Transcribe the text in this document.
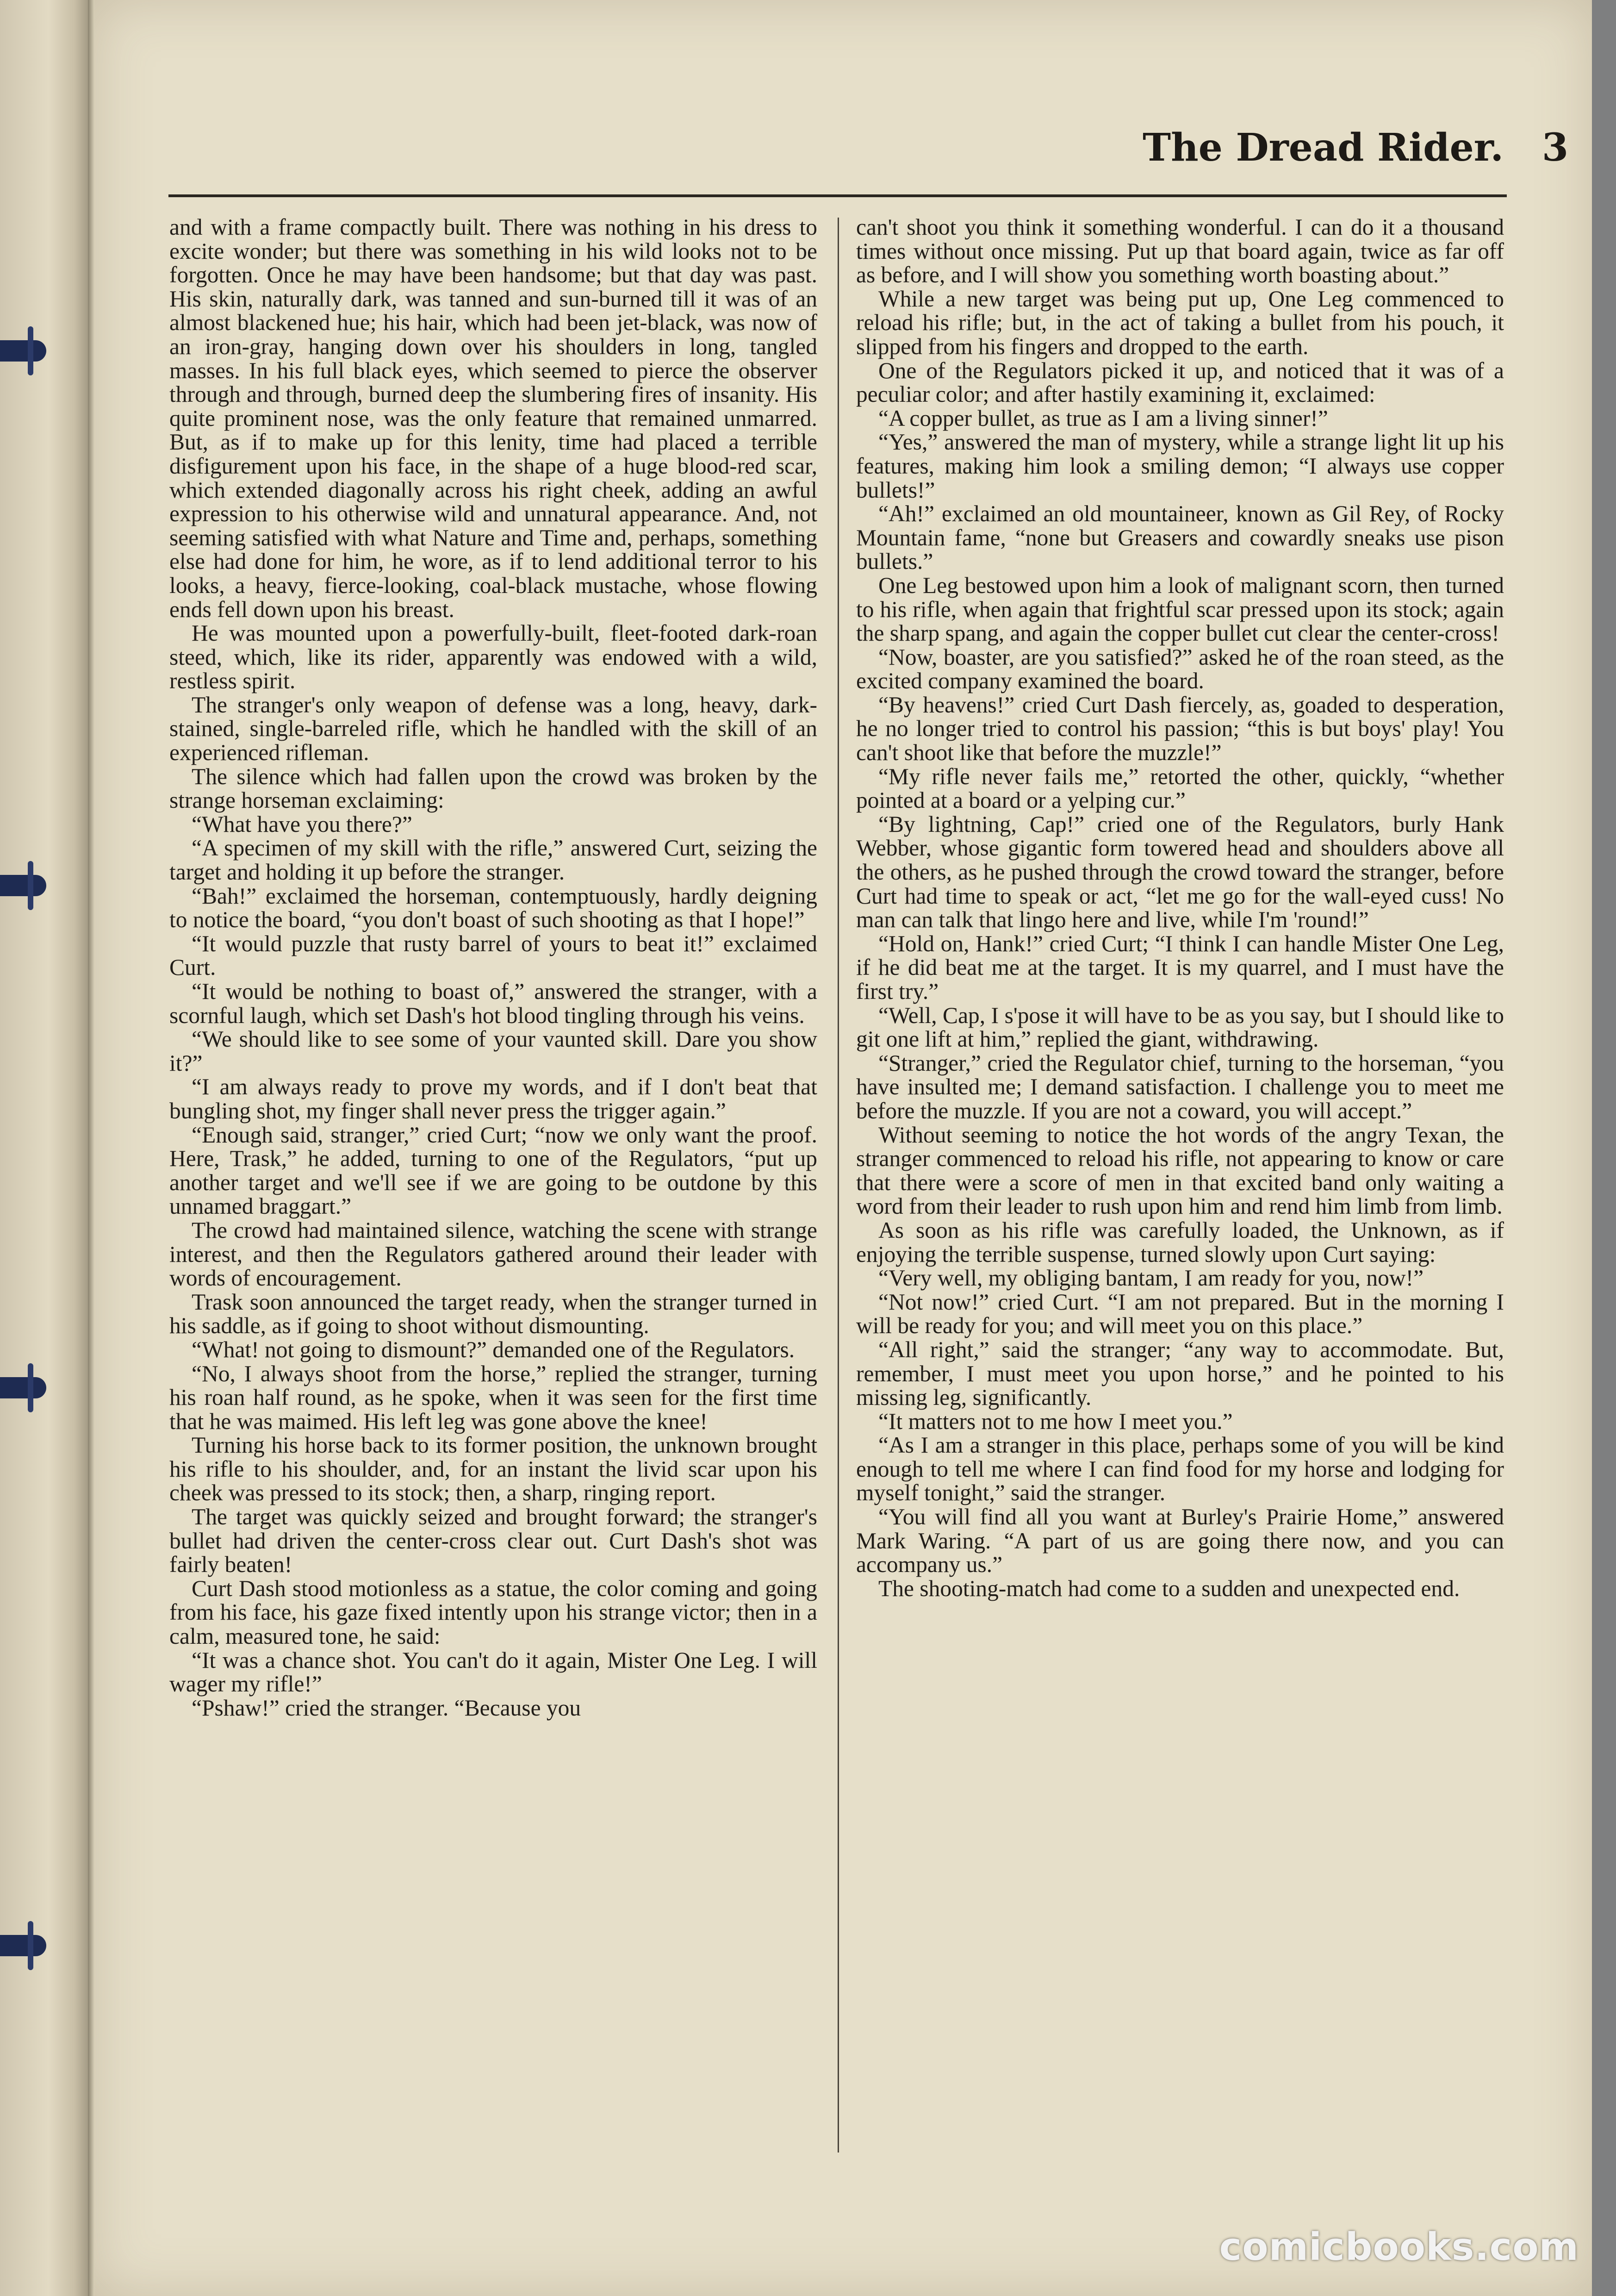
The Dread Rider. 3

and with a frame compactly built. There was nothing in his dress to excite wonder; but there was something in his wild looks not to be forgotten. Once he may have been handsome; but that day was past. His skin, naturally dark, was tanned and sun-burned till it was of an almost blackened hue; his hair, which had been jet-black, was now of an iron-gray, hanging down over his shoulders in long, tangled masses. In his full black eyes, which seemed to pierce the observer through and through, burned deep the slumbering fires of insanity. His quite prominent nose, was the only feature that remained unmarred. But, as if to make up for this lenity, time had placed a terrible disfigurement upon his face, in the shape of a huge blood-red scar, which extended diagonally across his right cheek, adding an awful expression to his otherwise wild and unnatural appearance. And, not seeming satisfied with what Nature and Time and, perhaps, something else had done for him, he wore, as if to lend additional terror to his looks, a heavy, fierce-looking, coal-black mustache, whose flowing ends fell down upon his breast.

He was mounted upon a powerfully-built, fleet-footed dark-roan steed, which, like its rider, apparently was endowed with a wild, restless spirit.

The stranger's only weapon of defense was a long, heavy, dark-stained, single-barreled rifle, which he handled with the skill of an experienced rifleman.

The silence which had fallen upon the crowd was broken by the strange horseman exclaiming:

“What have you there?”

“A specimen of my skill with the rifle,” answered Curt, seizing the target and holding it up before the stranger.

“Bah!” exclaimed the horseman, contemptuously, hardly deigning to notice the board, “you don't boast of such shooting as that I hope!”

“It would puzzle that rusty barrel of yours to beat it!” exclaimed Curt.

“It would be nothing to boast of,” answered the stranger, with a scornful laugh, which set Dash's hot blood tingling through his veins.

“We should like to see some of your vaunted skill. Dare you show it?”

“I am always ready to prove my words, and if I don't beat that bungling shot, my finger shall never press the trigger again.”

“Enough said, stranger,” cried Curt; “now we only want the proof. Here, Trask,” he added, turning to one of the Regulators, “put up another target and we'll see if we are going to be outdone by this unnamed braggart.”

The crowd had maintained silence, watching the scene with strange interest, and then the Regulators gathered around their leader with words of encouragement.

Trask soon announced the target ready, when the stranger turned in his saddle, as if going to shoot without dismounting.

“What! not going to dismount?” demanded one of the Regulators.

“No, I always shoot from the horse,” replied the stranger, turning his roan half round, as he spoke, when it was seen for the first time that he was maimed. His left leg was gone above the knee!

Turning his horse back to its former position, the unknown brought his rifle to his shoulder, and, for an instant the livid scar upon his cheek was pressed to its stock; then, a sharp, ringing report.

The target was quickly seized and brought forward; the stranger's bullet had driven the center-cross clear out. Curt Dash's shot was fairly beaten!

Curt Dash stood motionless as a statue, the color coming and going from his face, his gaze fixed intently upon his strange victor; then in a calm, measured tone, he said:

“It was a chance shot. You can't do it again, Mister One Leg. I will wager my rifle!”

“Pshaw!” cried the stranger. “Because you

can't shoot you think it something wonderful. I can do it a thousand times without once missing. Put up that board again, twice as far off as before, and I will show you something worth boasting about.”

While a new target was being put up, One Leg commenced to reload his rifle; but, in the act of taking a bullet from his pouch, it slipped from his fingers and dropped to the earth.

One of the Regulators picked it up, and noticed that it was of a peculiar color; and after hastily examining it, exclaimed:

“A copper bullet, as true as I am a living sinner!”

“Yes,” answered the man of mystery, while a strange light lit up his features, making him look a smiling demon; “I always use copper bullets!”

“Ah!” exclaimed an old mountaineer, known as Gil Rey, of Rocky Mountain fame, “none but Greasers and cowardly sneaks use pison bullets.”

One Leg bestowed upon him a look of malignant scorn, then turned to his rifle, when again that frightful scar pressed upon its stock; again the sharp spang, and again the copper bullet cut clear the center-cross!

“Now, boaster, are you satisfied?” asked he of the roan steed, as the excited company examined the board.

“By heavens!” cried Curt Dash fiercely, as, goaded to desperation, he no longer tried to control his passion; “this is but boys' play! You can't shoot like that before the muzzle!”

“My rifle never fails me,” retorted the other, quickly, “whether pointed at a board or a yelping cur.”

“By lightning, Cap!” cried one of the Regulators, burly Hank Webber, whose gigantic form towered head and shoulders above all the others, as he pushed through the crowd toward the stranger, before Curt had time to speak or act, “let me go for the wall-eyed cuss! No man can talk that lingo here and live, while I'm 'round!”

“Hold on, Hank!” cried Curt; “I think I can handle Mister One Leg, if he did beat me at the target. It is my quarrel, and I must have the first try.”

“Well, Cap, I s'pose it will have to be as you say, but I should like to git one lift at him,” replied the giant, withdrawing.

“Stranger,” cried the Regulator chief, turning to the horseman, “you have insulted me; I demand satisfaction. I challenge you to meet me before the muzzle. If you are not a coward, you will accept.”

Without seeming to notice the hot words of the angry Texan, the stranger commenced to reload his rifle, not appearing to know or care that there were a score of men in that excited band only waiting a word from their leader to rush upon him and rend him limb from limb.

As soon as his rifle was carefully loaded, the Unknown, as if enjoying the terrible suspense, turned slowly upon Curt saying:

“Very well, my obliging bantam, I am ready for you, now!”

“Not now!” cried Curt. “I am not prepared. But in the morning I will be ready for you; and will meet you on this place.”

“All right,” said the stranger; “any way to accommodate. But, remember, I must meet you upon horse,” and he pointed to his missing leg, significantly.

“It matters not to me how I meet you.”

“As I am a stranger in this place, perhaps some of you will be kind enough to tell me where I can find food for my horse and lodging for myself tonight,” said the stranger.

“You will find all you want at Burley's Prairie Home,” answered Mark Waring. “A part of us are going there now, and you can accompany us.”

The shooting-match had come to a sudden and unexpected end.

comicbooks.com
